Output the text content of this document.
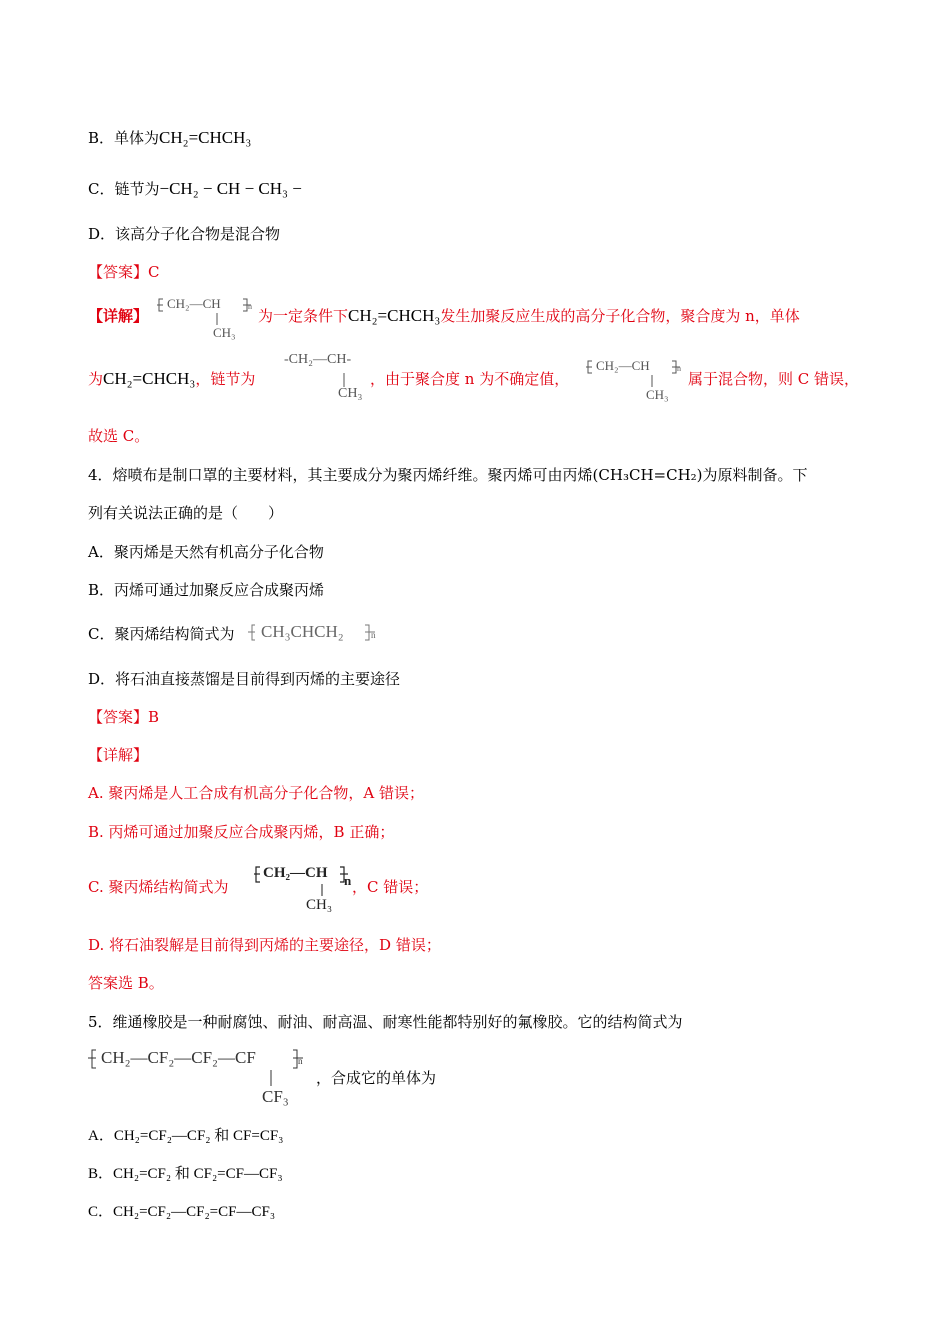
B．单体为CH₂=CHCH₃
C．链节为−CH₂ − CH − CH₃ −
D．该高分子化合物是混合物
【答案】C
【详解】
CH₂—CH	n
CH₃
为一定条件下CH₂=CHCH₃发生加聚反应生成的高分子化合物，聚合度为 n，单体
为CH₂=CHCH₃，链节为
-CH₂—CH-
CH₃
，由于聚合度 n 为不确定值，
CH₂—CH	n
CH₃
属于混合物，则 C 错误，
故选 C。
4．熔喷布是制口罩的主要材料，其主要成分为聚丙烯纤维。聚丙烯可由丙烯(CH₃CH=CH₂)为原料制备。下
列有关说法正确的是（　　）
A．聚丙烯是天然有机高分子化合物
B．丙烯可通过加聚反应合成聚丙烯
C．聚丙烯结构简式为 CH₃CHCH₂	n
D．将石油直接蒸馏是目前得到丙烯的主要途径
【答案】B
【详解】
A. 聚丙烯是人工合成有机高分子化合物，A 错误；
B. 丙烯可通过加聚反应合成聚丙烯，B 正确；
C. 聚丙烯结构简式为
CH₂—CH n
CH₃
，C 错误；
D. 将石油裂解是目前得到丙烯的主要途径，D 错误；
答案选 B。
5．维通橡胶是一种耐腐蚀、耐油、耐高温、耐寒性能都特别好的氟橡胶。它的结构简式为
CH₂—CF₂—CF₂—CF	n
CF₃
，合成它的单体为
A．CH₂=CF₂—CF₂ 和 CF=CF₃
B．CH₂=CF₂ 和 CF₂=CF—CF₃
C．CH₂=CF₂—CF₂=CF—CF₃
